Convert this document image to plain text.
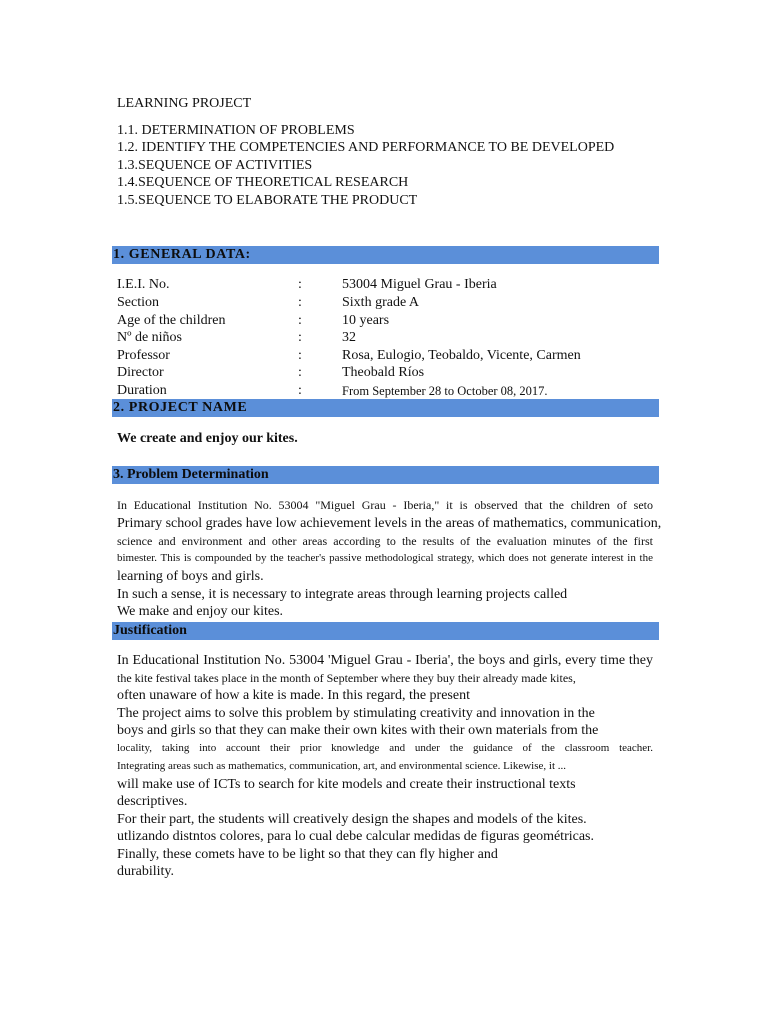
LEARNING PROJECT
1.1. DETERMINATION OF PROBLEMS
1.2. IDENTIFY THE COMPETENCIES AND PERFORMANCE TO BE DEVELOPED
1.3.SEQUENCE OF ACTIVITIES
1.4.SEQUENCE OF THEORETICAL RESEARCH
1.5.SEQUENCE TO ELABORATE THE PRODUCT
1. GENERAL DATA:
I.E.I. No.	:	53004 Miguel Grau - Iberia
Section	:	Sixth grade A
Age of the children	:	10 years
Nº de niños	:	32
Professor	:	Rosa, Eulogio, Teobaldo, Vicente, Carmen
Director	:	Theobald Ríos
Duration	:	From September 28 to October 08, 2017.
2. PROJECT NAME
We create and enjoy our kites.
3. Problem Determination
In Educational Institution No. 53004 "Miguel Grau - Iberia," it is observed that the children of seto
Primary school grades have low achievement levels in the areas of mathematics, communication,
science and environment and other areas according to the results of the evaluation minutes of the first
bimester. This is compounded by the teacher's passive methodological strategy, which does not generate interest in the
learning of boys and girls.
In such a sense, it is necessary to integrate areas through learning projects called
We make and enjoy our kites.
Justification
In Educational Institution No. 53004 'Miguel Grau - Iberia', the boys and girls, every time they
the kite festival takes place in the month of September where they buy their already made kites,
often unaware of how a kite is made. In this regard, the present
The project aims to solve this problem by stimulating creativity and innovation in the
boys and girls so that they can make their own kites with their own materials from the
locality, taking into account their prior knowledge and under the guidance of the classroom teacher.
Integrating areas such as mathematics, communication, art, and environmental science. Likewise, it ...
will make use of ICTs to search for kite models and create their instructional texts
descriptives.
For their part, the students will creatively design the shapes and models of the kites.
utlizando distntos colores, para lo cual debe calcular medidas de figuras geométricas.
Finally, these comets have to be light so that they can fly higher and
durability.
